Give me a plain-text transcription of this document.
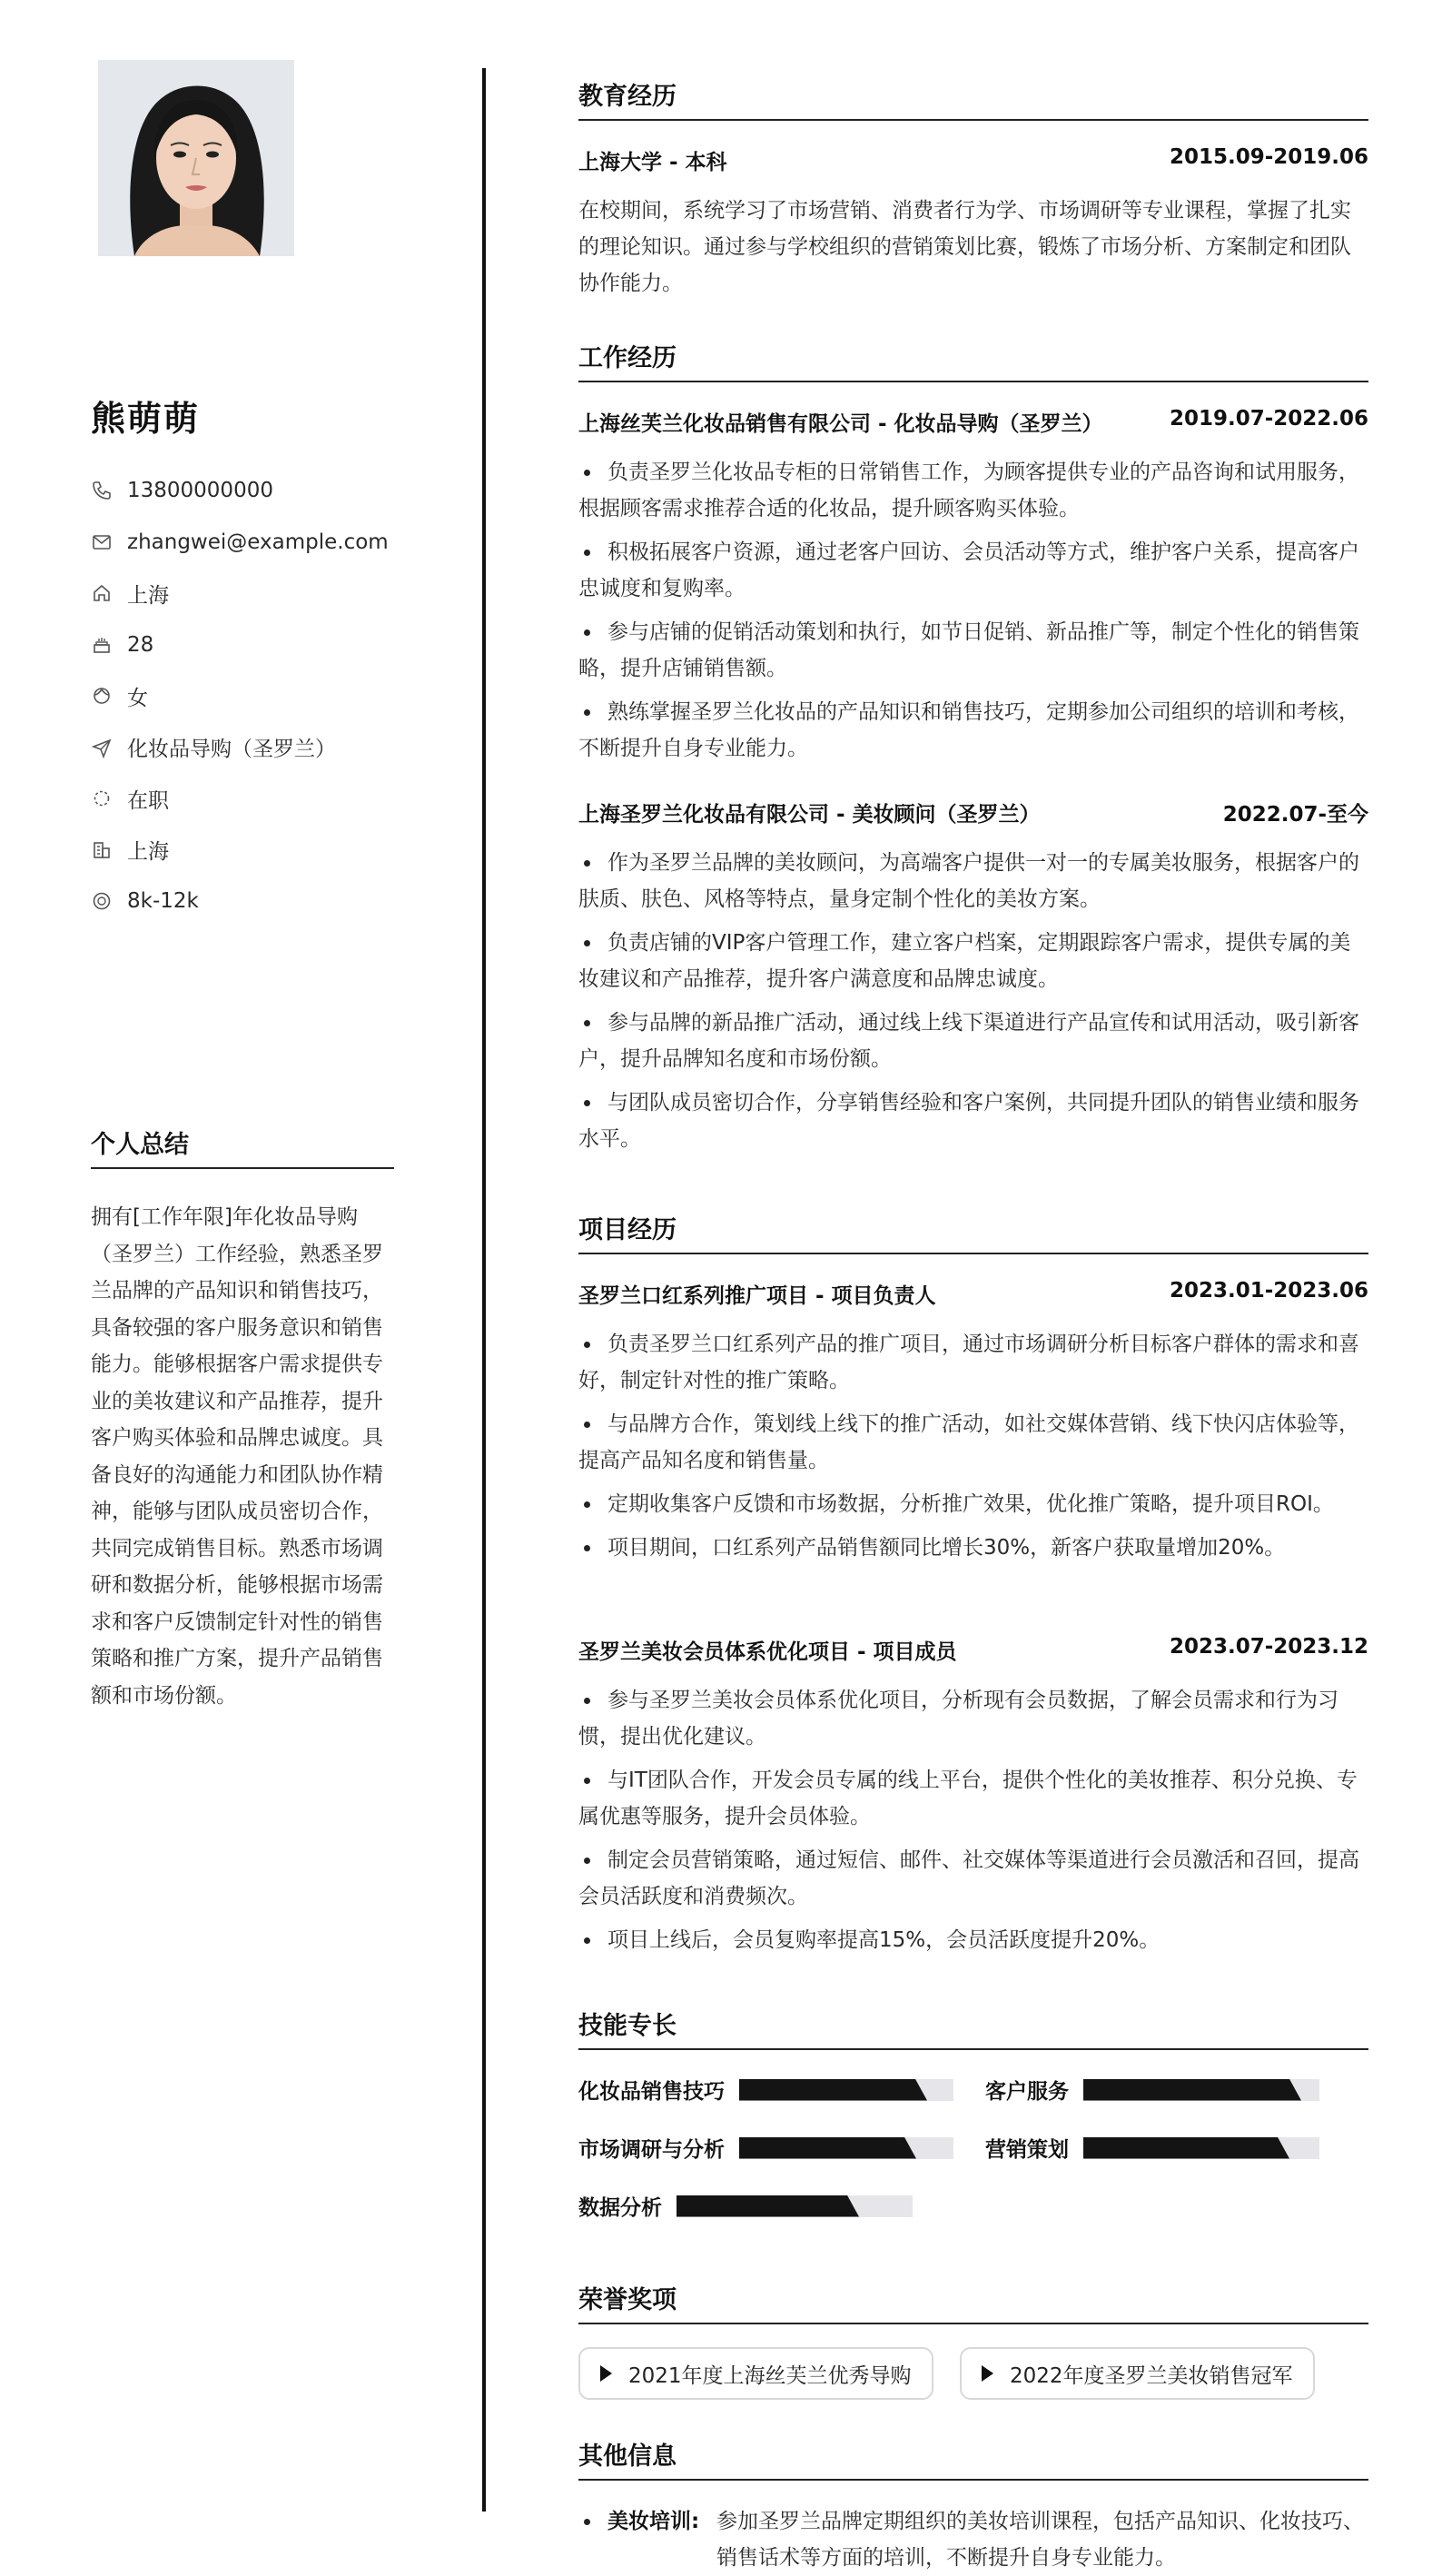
熊萌萌
13800000000
zhangwei@example.com
上海
28
女
化妆品导购（圣罗兰）
在职
上海
8k-12k
个人总结
拥有[工作年限]年化妆品导购（圣罗兰）工作经验，熟悉圣罗兰品牌的产品知识和销售技巧，具备较强的客户服务意识和销售能力。能够根据客户需求提供专业的美妆建议和产品推荐，提升客户购买体验和品牌忠诚度。具备良好的沟通能力和团队协作精神，能够与团队成员密切合作，共同完成销售目标。熟悉市场调研和数据分析，能够根据市场需求和客户反馈制定针对性的销售策略和推广方案，提升产品销售额和市场份额。
教育经历
上海大学 - 本科	2015.09-2019.06
在校期间，系统学习了市场营销、消费者行为学、市场调研等专业课程，掌握了扎实的理论知识。通过参与学校组织的营销策划比赛，锻炼了市场分析、方案制定和团队协作能力。
工作经历
上海丝芙兰化妆品销售有限公司 - 化妆品导购（圣罗兰）	2019.07-2022.06
负责圣罗兰化妆品专柜的日常销售工作，为顾客提供专业的产品咨询和试用服务，根据顾客需求推荐合适的化妆品，提升顾客购买体验。
积极拓展客户资源，通过老客户回访、会员活动等方式，维护客户关系，提高客户忠诚度和复购率。
参与店铺的促销活动策划和执行，如节日促销、新品推广等，制定个性化的销售策略，提升店铺销售额。
熟练掌握圣罗兰化妆品的产品知识和销售技巧，定期参加公司组织的培训和考核，不断提升自身专业能力。
上海圣罗兰化妆品有限公司 - 美妆顾问（圣罗兰）	2022.07-至今
作为圣罗兰品牌的美妆顾问，为高端客户提供一对一的专属美妆服务，根据客户的肤质、肤色、风格等特点，量身定制个性化的美妆方案。
负责店铺的VIP客户管理工作，建立客户档案，定期跟踪客户需求，提供专属的美妆建议和产品推荐，提升客户满意度和品牌忠诚度。
参与品牌的新品推广活动，通过线上线下渠道进行产品宣传和试用活动，吸引新客户，提升品牌知名度和市场份额。
与团队成员密切合作，分享销售经验和客户案例，共同提升团队的销售业绩和服务水平。
项目经历
圣罗兰口红系列推广项目 - 项目负责人	2023.01-2023.06
负责圣罗兰口红系列产品的推广项目，通过市场调研分析目标客户群体的需求和喜好，制定针对性的推广策略。
与品牌方合作，策划线上线下的推广活动，如社交媒体营销、线下快闪店体验等，提高产品知名度和销售量。
定期收集客户反馈和市场数据，分析推广效果，优化推广策略，提升项目ROI。
项目期间，口红系列产品销售额同比增长30%，新客户获取量增加20%。
圣罗兰美妆会员体系优化项目 - 项目成员	2023.07-2023.12
参与圣罗兰美妆会员体系优化项目，分析现有会员数据，了解会员需求和行为习惯，提出优化建议。
与IT团队合作，开发会员专属的线上平台，提供个性化的美妆推荐、积分兑换、专属优惠等服务，提升会员体验。
制定会员营销策略，通过短信、邮件、社交媒体等渠道进行会员激活和召回，提高会员活跃度和消费频次。
项目上线后，会员复购率提高15%，会员活跃度提升20%。
技能专长
化妆品销售技巧	客户服务
市场调研与分析	营销策划
数据分析
荣誉奖项
2021年度上海丝芙兰优秀导购	2022年度圣罗兰美妆销售冠军
其他信息
美妆培训: 参加圣罗兰品牌定期组织的美妆培训课程，包括产品知识、化妆技巧、销售话术等方面的培训，不断提升自身专业能力。
